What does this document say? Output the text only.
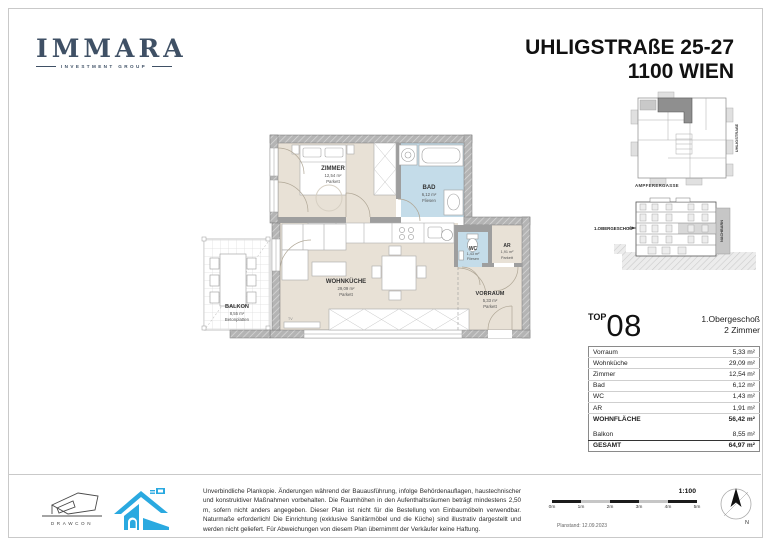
IMMARA
INVESTMENT GROUP
UHLIGSTRAßE 25-27
1100 WIEN
TV
ZIMMER
12,54 m²
Parkett
BAD
6,12 m²
Fliesen
WOHNKÜCHE
29,09 m²
Parkett
WC
1,43 m²
Fliesen
AR
1,91 m²
Parkett
VORRAUM
5,33 m²
Parkett
BALKON
8,55 m²
Betonplatten
AMPFERERGASSE
UHLIGSTRAßE
NACHBARN
1.OBERGESCHOß
$^{TOP}$08	1.Obergeschoß
2 Zimmer
Vorraum	5,33 m²
Wohnküche	29,09 m²
Zimmer	12,54 m²
Bad	6,12 m²
WC	1,43 m²
AR	1,91 m²
WOHNFLÄCHE	56,42 m²

Balkon	8,55 m²
GESAMT	64,97 m²
DRAWCON
Unverbindliche Plankopie. Änderungen während der Bauausführung, infolge Behördenauflagen, haustechnischer und konstruktiver Maßnahmen vorbehalten. Die Raumhöhen in den Aufenthaltsräumen beträgt mindestens 2,50 m, sofern nicht anders angegeben. Dieser Plan ist nicht für die Bestellung von Einbaumöbeln verwendbar. Naturmaße erforderlich! Die Einrichtung (exklusive Sanitärmöbel und die Küche) sind illustrativ dargestellt und werden nicht geliefert. Für Abweichungen von diesem Plan übernimmt der Verkäufer keine Haftung.
1:100
0m	1m	2m	3m	4m	5m
Planstand: 12.09.2023	N
